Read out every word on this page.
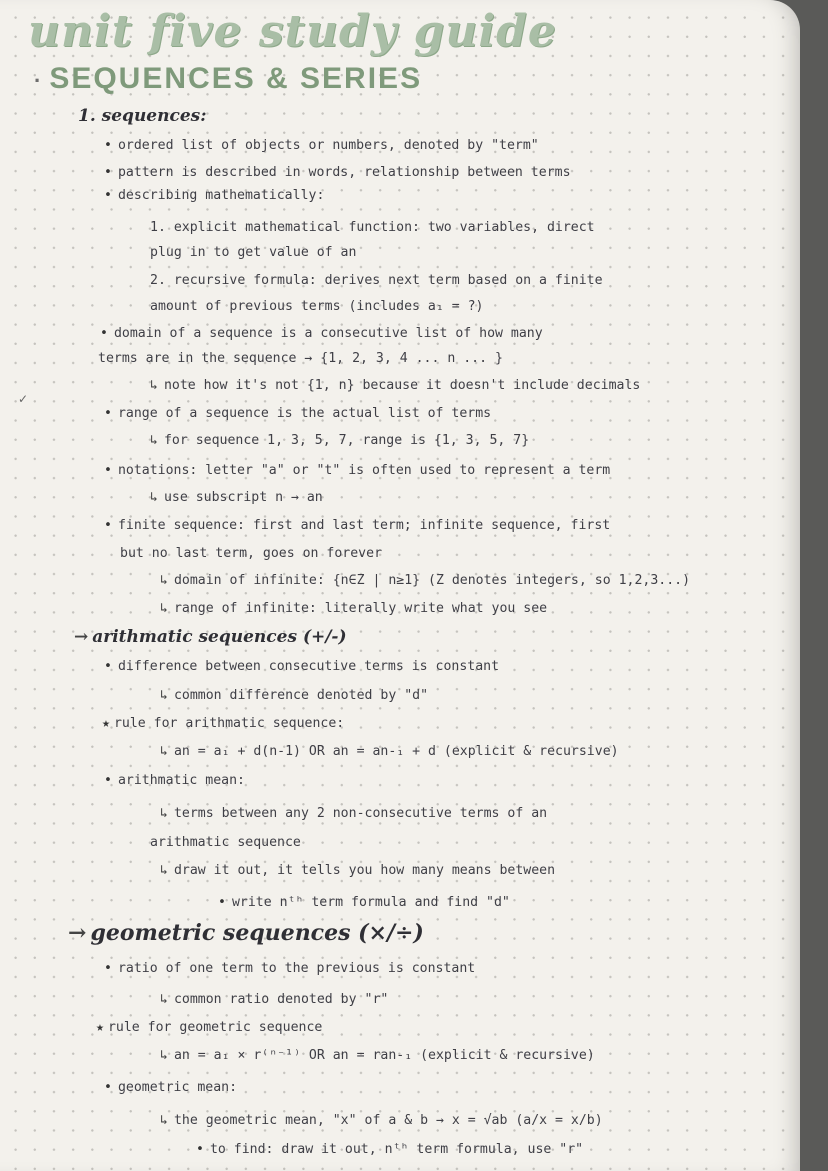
unit five study guide
· SEQUENCES & SERIES
✓
1. sequences:
• ordered list of objects or numbers, denoted by "term"
• pattern is described in words, relationship between terms
• describing mathematically:
1. explicit mathematical function: two variables, direct
plug in to get value of an
2. recursive formula: derives next term based on a finite
amount of previous terms (includes a₁ = ?)
• domain of a sequence is a consecutive list of how many
terms are in the sequence → {1, 2, 3, 4 ... n ... }
↳ note how it's not {1, n} because it doesn't include decimals
• range of a sequence is the actual list of terms
↳ for sequence 1, 3, 5, 7, range is {1, 3, 5, 7}
• notations: letter "a" or "t" is often used to represent a term
↳ use subscript n → an
• finite sequence: first and last term; infinite sequence, first
but no last term, goes on forever
↳ domain of infinite: {n∈Z | n≥1} (Z denotes integers, so 1,2,3...)
↳ range of infinite: literally write what you see
→ arithmatic sequences (+/-)
• difference between consecutive terms is constant
↳ common difference denoted by "d"
★ rule for arithmatic sequence:
↳ an = a₁ + d(n-1) OR an = an-₁ + d (explicit & recursive)
• arithmatic mean:
↳ terms between any 2 non-consecutive terms of an
arithmatic sequence
↳ draw it out, it tells you how many means between
• write nᵗʰ term formula and find "d"
→ geometric sequences (×/÷)
• ratio of one term to the previous is constant
↳ common ratio denoted by "r"
★ rule for geometric sequence
↳ an = a₁ × r⁽ⁿ⁻¹⁾ OR an = ran-₁ (explicit & recursive)
• geometric mean:
↳ the geometric mean, "x" of a & b → x = √ab (a/x = x/b)
• to find: draw it out, nᵗʰ term formula, use "r"
